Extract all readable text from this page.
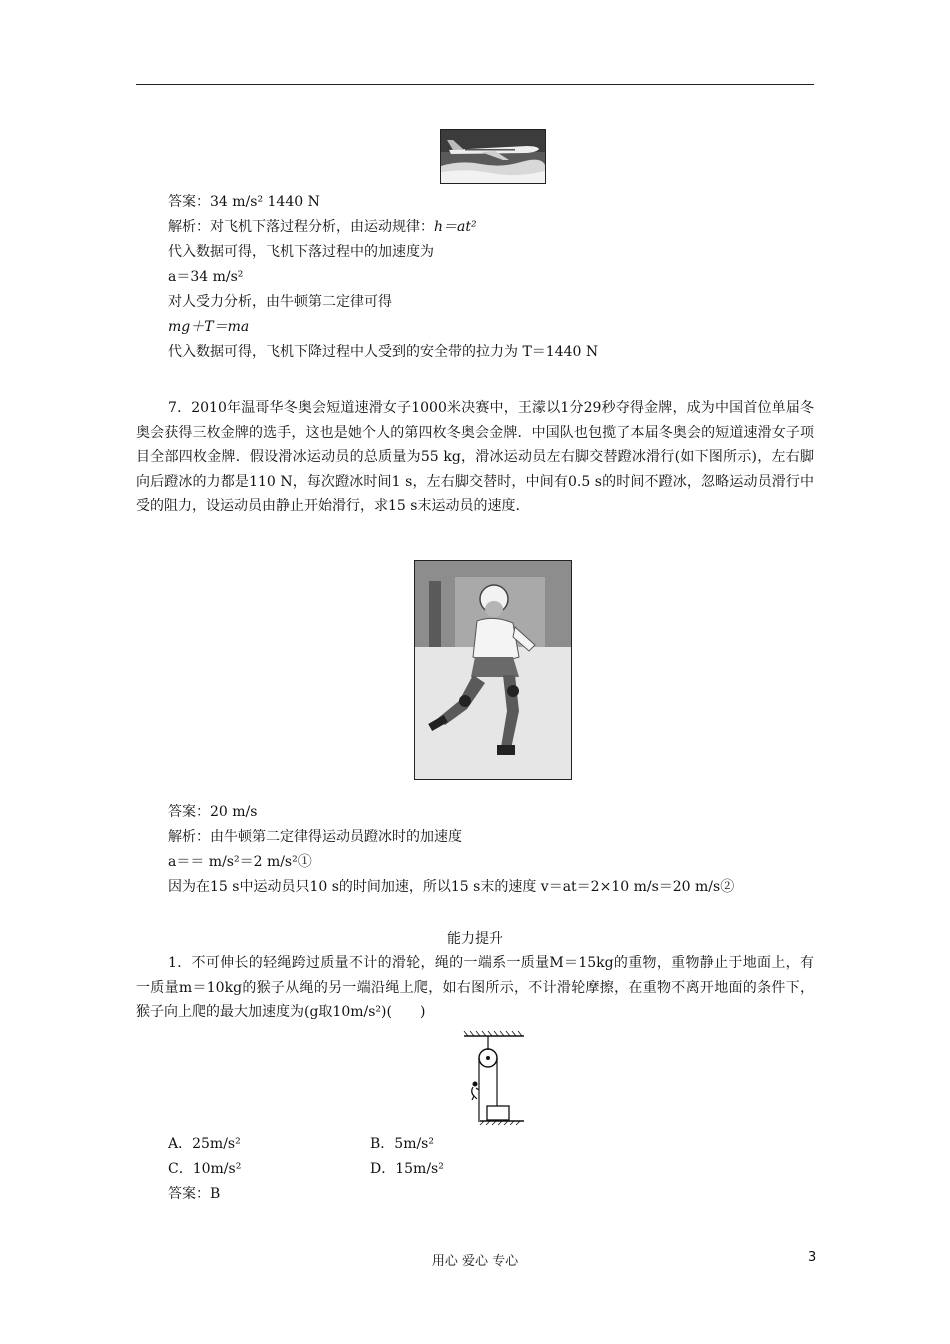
答案：34 m/s² 1440 N
解析：对飞机下落过程分析，由运动规律：h＝at²
代入数据可得，飞机下落过程中的加速度为
a＝34 m/s²
对人受力分析，由牛顿第二定律可得
mg＋T＝ma
代入数据可得，飞机下降过程中人受到的安全带的拉力为 T＝1440 N
7．2010年温哥华冬奥会短道速滑女子1000米决赛中，王濛以1分29秒夺得金牌，成为中国首位单届冬奥会获得三枚金牌的选手，这也是她个人的第四枚冬奥会金牌．中国队也包揽了本届冬奥会的短道速滑女子项目全部四枚金牌．假设滑冰运动员的总质量为55 kg，滑冰运动员左右脚交替蹬冰滑行(如下图所示)，左右脚向后蹬冰的力都是110 N，每次蹬冰时间1 s，左右脚交替时，中间有0.5 s的时间不蹬冰，忽略运动员滑行中受的阻力，设运动员由静止开始滑行，求15 s末运动员的速度．
答案：20 m/s
解析：由牛顿第二定律得运动员蹬冰时的加速度
a＝＝ m/s²＝2 m/s²①
因为在15 s中运动员只10 s的时间加速，所以15 s末的速度 v＝at＝2×10 m/s＝20 m/s②
能力提升
1．不可伸长的轻绳跨过质量不计的滑轮，绳的一端系一质量M＝15kg的重物，重物静止于地面上，有一质量m＝10kg的猴子从绳的另一端沿绳上爬，如右图所示，不计滑轮摩擦，在重物不离开地面的条件下，猴子向上爬的最大加速度为(g取10m/s²)(　　)
A．25m/s²	B．5m/s²
C．10m/s²	D．15m/s²
答案：B
用心 爱心 专心	3
